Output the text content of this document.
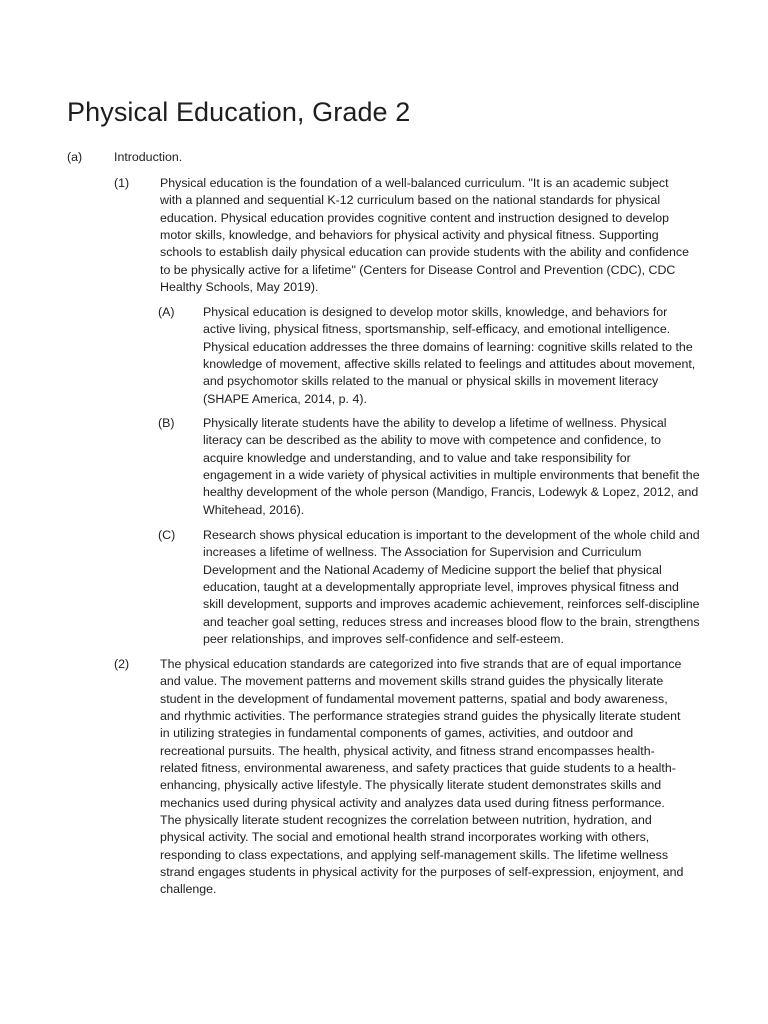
Physical Education, Grade 2
(a)	Introduction.
(1) Physical education is the foundation of a well-balanced curriculum. "It is an academic subject with a planned and sequential K-12 curriculum based on the national standards for physical education. Physical education provides cognitive content and instruction designed to develop motor skills, knowledge, and behaviors for physical activity and physical fitness. Supporting schools to establish daily physical education can provide students with the ability and confidence to be physically active for a lifetime" (Centers for Disease Control and Prevention (CDC), CDC Healthy Schools, May 2019).
(A) Physical education is designed to develop motor skills, knowledge, and behaviors for active living, physical fitness, sportsmanship, self-efficacy, and emotional intelligence. Physical education addresses the three domains of learning: cognitive skills related to the knowledge of movement, affective skills related to feelings and attitudes about movement, and psychomotor skills related to the manual or physical skills in movement literacy (SHAPE America, 2014, p. 4).
(B) Physically literate students have the ability to develop a lifetime of wellness. Physical literacy can be described as the ability to move with competence and confidence, to acquire knowledge and understanding, and to value and take responsibility for engagement in a wide variety of physical activities in multiple environments that benefit the healthy development of the whole person (Mandigo, Francis, Lodewyk & Lopez, 2012, and Whitehead, 2016).
(C) Research shows physical education is important to the development of the whole child and increases a lifetime of wellness. The Association for Supervision and Curriculum Development and the National Academy of Medicine support the belief that physical education, taught at a developmentally appropriate level, improves physical fitness and skill development, supports and improves academic achievement, reinforces self-discipline and teacher goal setting, reduces stress and increases blood flow to the brain, strengthens peer relationships, and improves self-confidence and self-esteem.
(2) The physical education standards are categorized into five strands that are of equal importance and value. The movement patterns and movement skills strand guides the physically literate student in the development of fundamental movement patterns, spatial and body awareness, and rhythmic activities. The performance strategies strand guides the physically literate student in utilizing strategies in fundamental components of games, activities, and outdoor and recreational pursuits. The health, physical activity, and fitness strand encompasses health-related fitness, environmental awareness, and safety practices that guide students to a health-enhancing, physically active lifestyle. The physically literate student demonstrates skills and mechanics used during physical activity and analyzes data used during fitness performance. The physically literate student recognizes the correlation between nutrition, hydration, and physical activity. The social and emotional health strand incorporates working with others, responding to class expectations, and applying self-management skills. The lifetime wellness strand engages students in physical activity for the purposes of self-expression, enjoyment, and challenge.
